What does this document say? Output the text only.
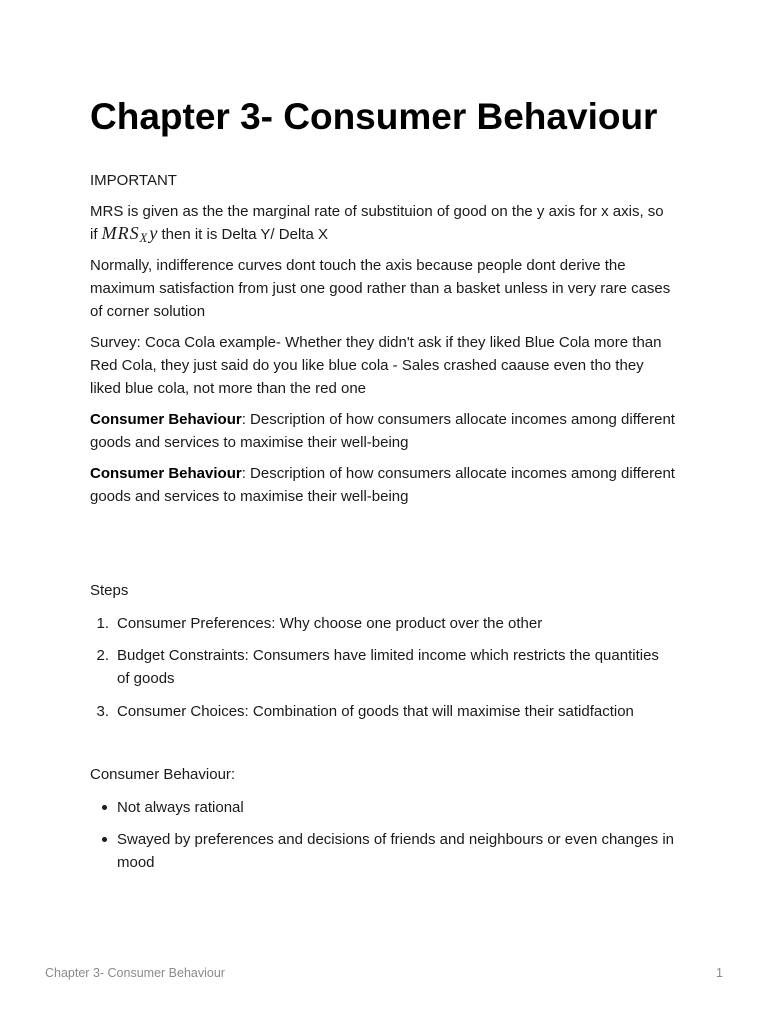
Chapter 3- Consumer Behaviour

IMPORTANT

MRS is given as the the marginal rate of substituion of good on the y axis for x axis, so
if MRSX y then it is Delta Y/ Delta X

Normally, indifference curves dont touch the axis because people dont derive the
maximum satisfaction from just one good rather than a basket unless in very rare cases
of corner solution

Survey: Coca Cola example- Whether they didn't ask if they liked Blue Cola more than
Red Cola, they just said do you like blue cola - Sales crashed caause even tho they
liked blue cola, not more than the red one

Consumer Behaviour: Description of how consumers allocate incomes among different
goods and services to maximise their well-being

Consumer Behaviour: Description of how consumers allocate incomes among different
goods and services to maximise their well-being

Steps

1. Consumer Preferences: Why choose one product over the other
2. Budget Constraints: Consumers have limited income which restricts the quantities
of goods
3. Consumer Choices: Combination of goods that will maximise their satidfaction

Consumer Behaviour:

Not always rational
Swayed by preferences and decisions of friends and neighbours or even changes in
mood
Chapter 3- Consumer Behaviour	1
